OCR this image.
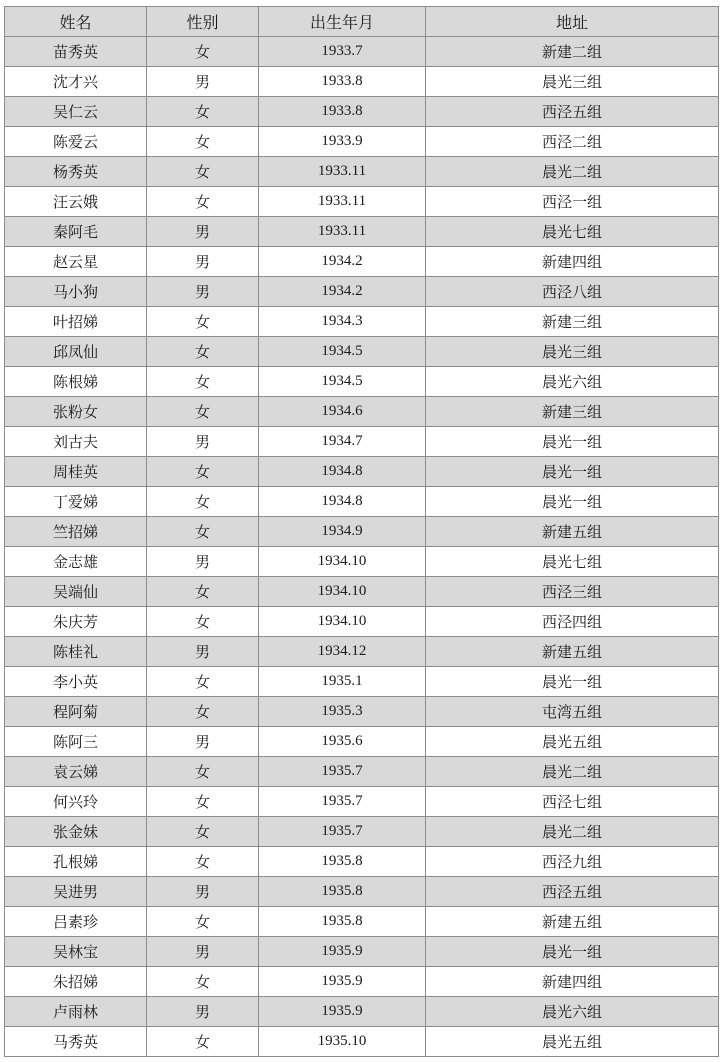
姓名	性别	出生年月	地址
苗秀英	女	1933.7	新建二组
沈才兴	男	1933.8	晨光三组
吴仁云	女	1933.8	西泾五组
陈爱云	女	1933.9	西泾二组
杨秀英	女	1933.11	晨光二组
汪云娥	女	1933.11	西泾一组
秦阿毛	男	1933.11	晨光七组
赵云星	男	1934.2	新建四组
马小狗	男	1934.2	西泾八组
叶招娣	女	1934.3	新建三组
邱凤仙	女	1934.5	晨光三组
陈根娣	女	1934.5	晨光六组
张粉女	女	1934.6	新建三组
刘古夫	男	1934.7	晨光一组
周桂英	女	1934.8	晨光一组
丁爱娣	女	1934.8	晨光一组
竺招娣	女	1934.9	新建五组
金志雄	男	1934.10	晨光七组
吴端仙	女	1934.10	西泾三组
朱庆芳	女	1934.10	西泾四组
陈桂礼	男	1934.12	新建五组
李小英	女	1935.1	晨光一组
程阿菊	女	1935.3	屯湾五组
陈阿三	男	1935.6	晨光五组
袁云娣	女	1935.7	晨光二组
何兴玲	女	1935.7	西泾七组
张金妹	女	1935.7	晨光二组
孔根娣	女	1935.8	西泾九组
吴进男	男	1935.8	西泾五组
吕素珍	女	1935.8	新建五组
吴林宝	男	1935.9	晨光一组
朱招娣	女	1935.9	新建四组
卢雨林	男	1935.9	晨光六组
马秀英	女	1935.10	晨光五组
